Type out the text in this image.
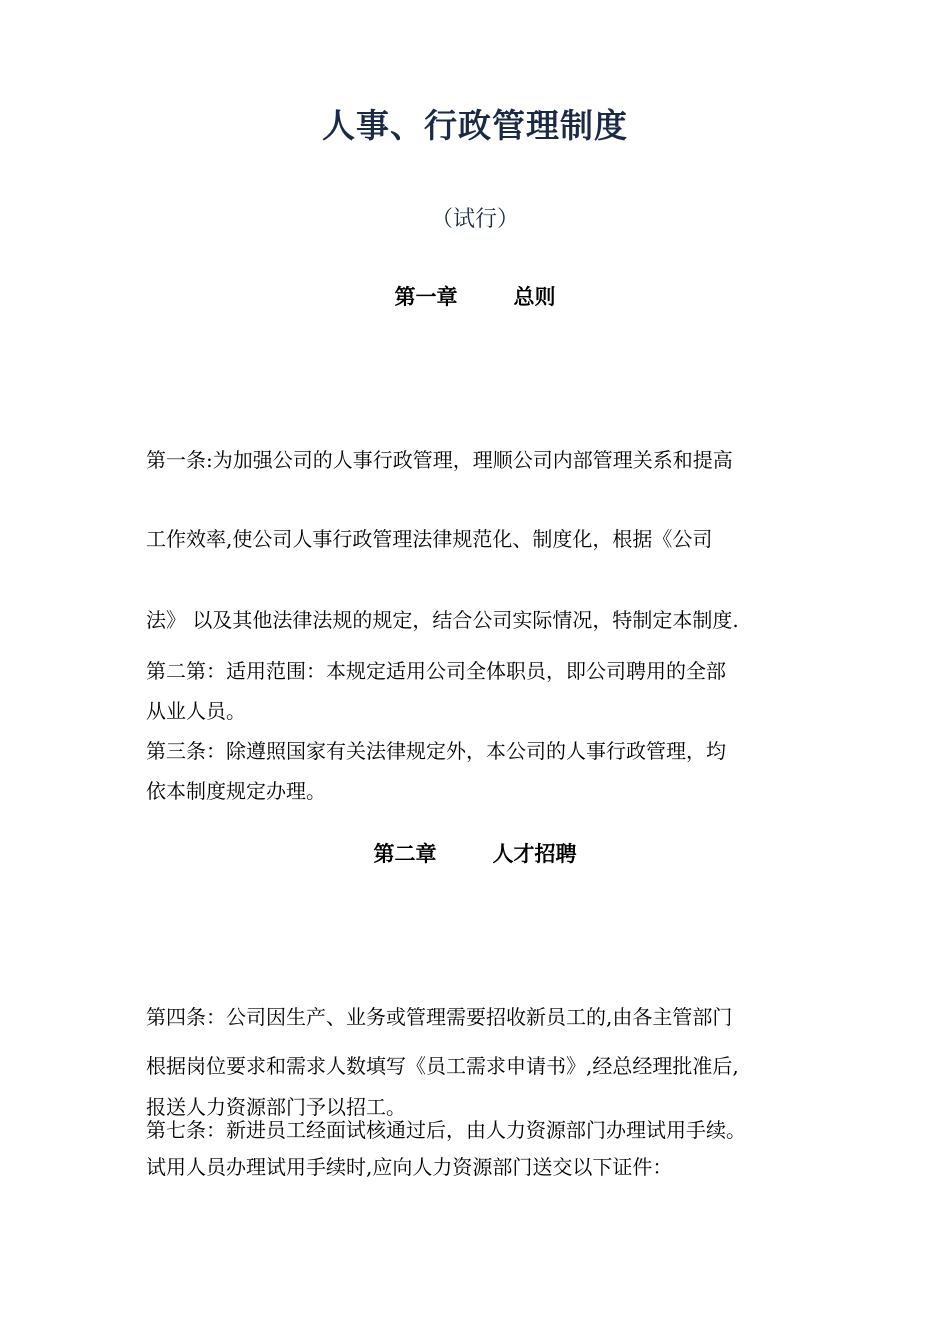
人事、行政管理制度
（试行）
第一章	总则
第一条:为加强公司的人事行政管理，理顺公司内部管理关系和提高
工作效率,使公司人事行政管理法律规范化、制度化，根据《公司
法》 以及其他法律法规的规定，结合公司实际情况，特制定本制度.
第二第：适用范围：本规定适用公司全体职员，即公司聘用的全部
从业人员。
第三条：除遵照国家有关法律规定外，本公司的人事行政管理，均
依本制度规定办理。
第二章	人才招聘
第四条：公司因生产、业务或管理需要招收新员工的,由各主管部门
根据岗位要求和需求人数填写《员工需求申请书》,经总经理批准后,
报送人力资源部门予以招工。
第七条：新进员工经面试核通过后，由人力资源部门办理试用手续。
试用人员办理试用手续时,应向人力资源部门送交以下证件：
